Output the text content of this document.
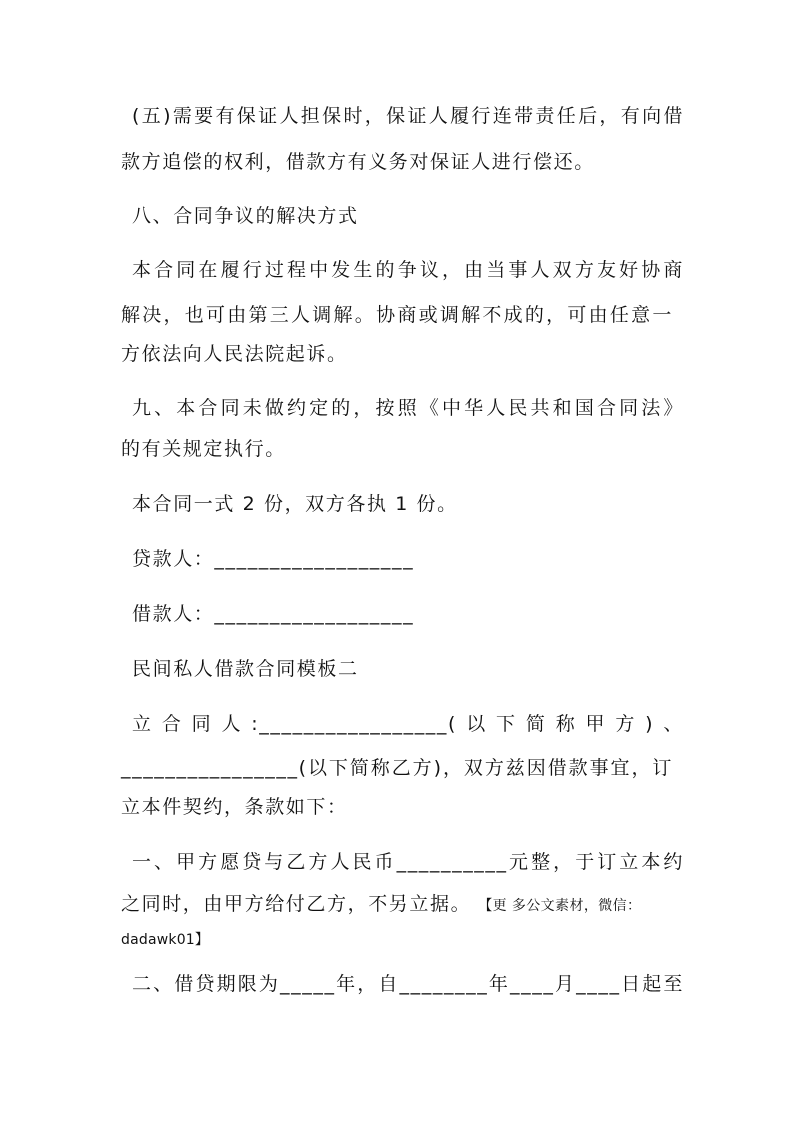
(五)需要有保证人担保时，保证人履行连带责任后，有向借
款方追偿的权利，借款方有义务对保证人进行偿还。
八、合同争议的解决方式
本合同在履行过程中发生的争议，由当事人双方友好协商
解决，也可由第三人调解。协商或调解不成的，可由任意一
方依法向人民法院起诉。
九、本合同未做约定的，按照《中华人民共和国合同法》
的有关规定执行。
本合同一式 2 份，双方各执 1 份。
贷款人：__________________
借款人：__________________
民间私人借款合同模板二
立合同人:_________________(以下简称甲方)、
________________(以下简称乙方)，双方兹因借款事宜，订
立本件契约，条款如下：
一、甲方愿贷与乙方人民币__________元整，于订立本约
之同时，由甲方给付乙方，不另立据。 【更 多公文素材，微信：
dadawk01】
二、借贷期限为_____年，自________年____月____日起至
